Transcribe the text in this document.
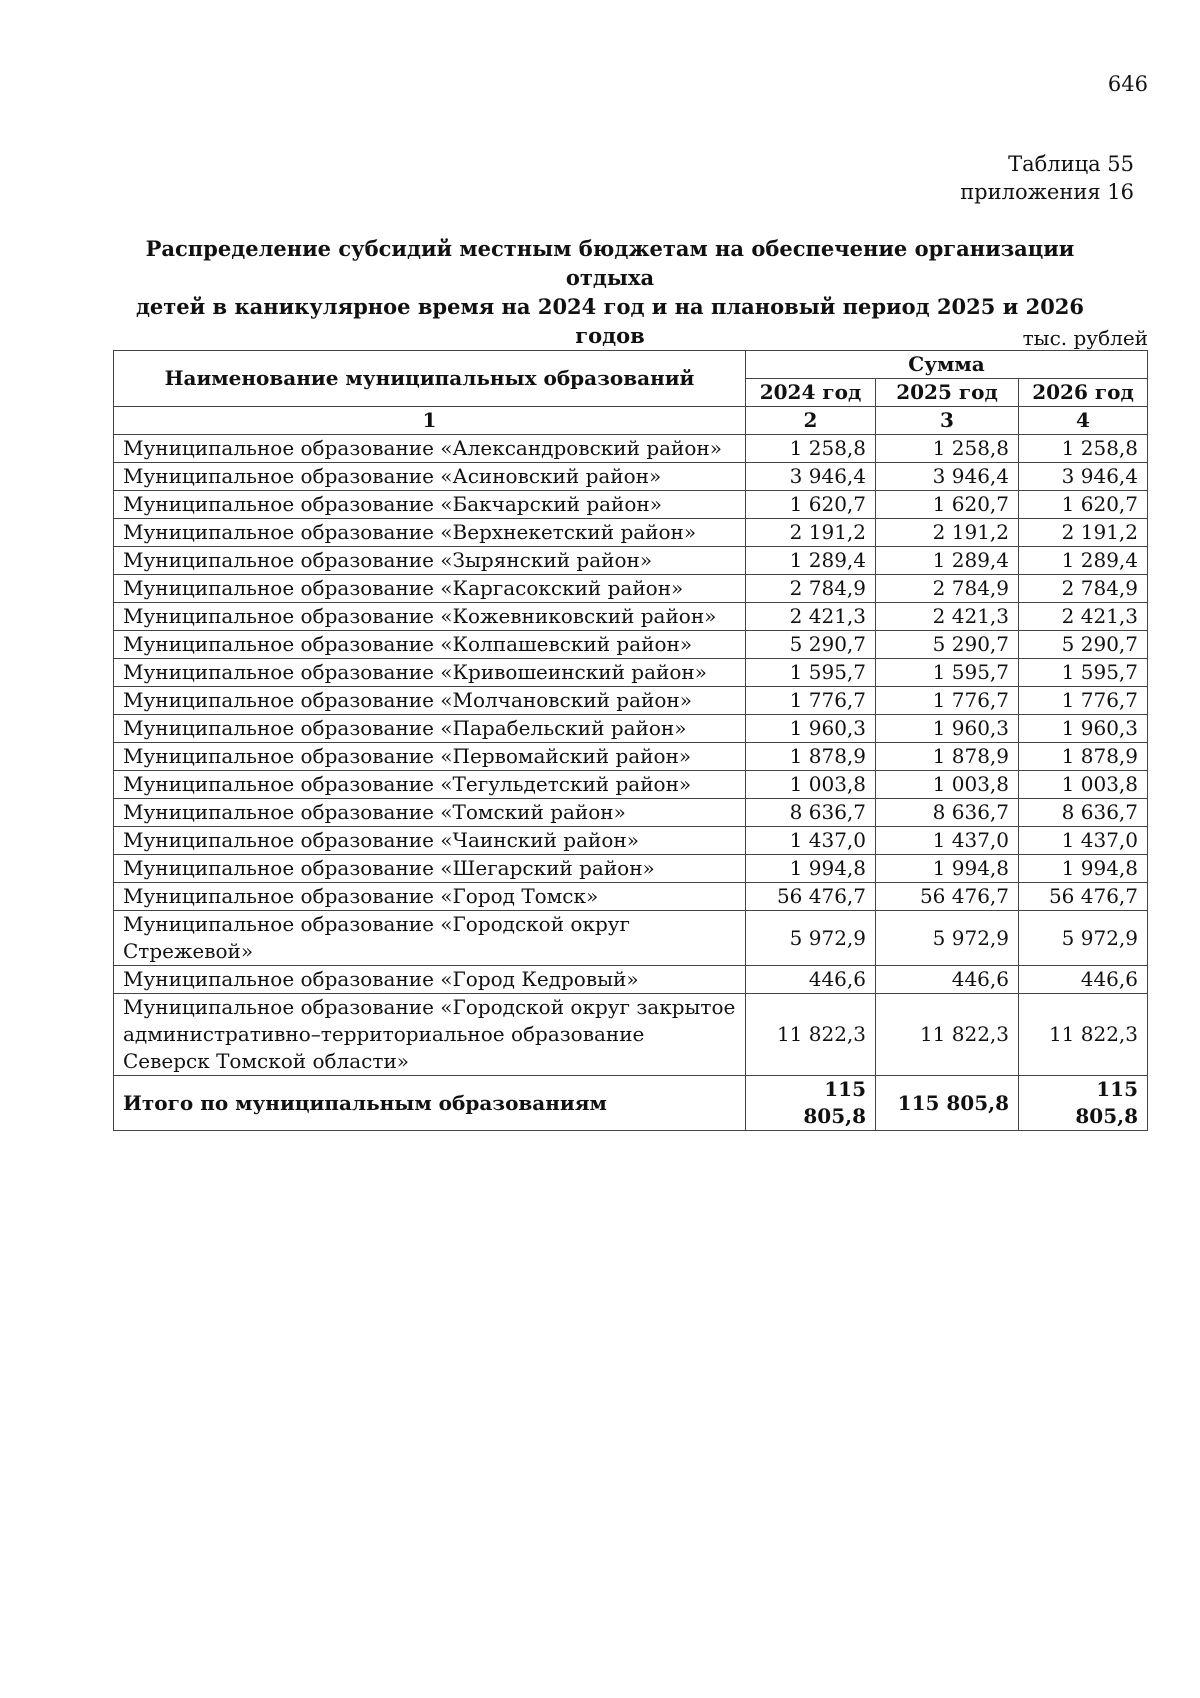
646
Таблица 55
приложения 16
Распределение субсидий местным бюджетам на обеспечение организации отдыха
детей в каникулярное время на 2024 год и на плановый период 2025 и 2026 годов	тыс. рублей
Наименование муниципальных образований	Сумма		
	2024 год	2025 год	2026 год
1	2	3	4
Муниципальное образование «Александровский район»	1 258,8	1 258,8	1 258,8
Муниципальное образование «Асиновский район»	3 946,4	3 946,4	3 946,4
Муниципальное образование «Бакчарский район»	1 620,7	1 620,7	1 620,7
Муниципальное образование «Верхнекетский район»	2 191,2	2 191,2	2 191,2
Муниципальное образование «Зырянский район»	1 289,4	1 289,4	1 289,4
Муниципальное образование «Каргасокский район»	2 784,9	2 784,9	2 784,9
Муниципальное образование «Кожевниковский район»	2 421,3	2 421,3	2 421,3
Муниципальное образование «Колпашевский район»	5 290,7	5 290,7	5 290,7
Муниципальное образование «Кривошеинский район»	1 595,7	1 595,7	1 595,7
Муниципальное образование «Молчановский район»	1 776,7	1 776,7	1 776,7
Муниципальное образование «Парабельский район»	1 960,3	1 960,3	1 960,3
Муниципальное образование «Первомайский район»	1 878,9	1 878,9	1 878,9
Муниципальное образование «Тегульдетский район»	1 003,8	1 003,8	1 003,8
Муниципальное образование «Томский район»	8 636,7	8 636,7	8 636,7
Муниципальное образование «Чаинский район»	1 437,0	1 437,0	1 437,0
Муниципальное образование «Шегарский район»	1 994,8	1 994,8	1 994,8
Муниципальное образование «Город Томск»	56 476,7	56 476,7	56 476,7
Муниципальное образование «Городской округ Стрежевой»	5 972,9	5 972,9	5 972,9
Муниципальное образование «Город Кедровый»	446,6	446,6	446,6
Муниципальное образование «Городской округ закрытое административно–территориальное образование Северск Томской области»	11 822,3	11 822,3	11 822,3
Итого по муниципальным образованиям	115 805,8	115 805,8	115 805,8
